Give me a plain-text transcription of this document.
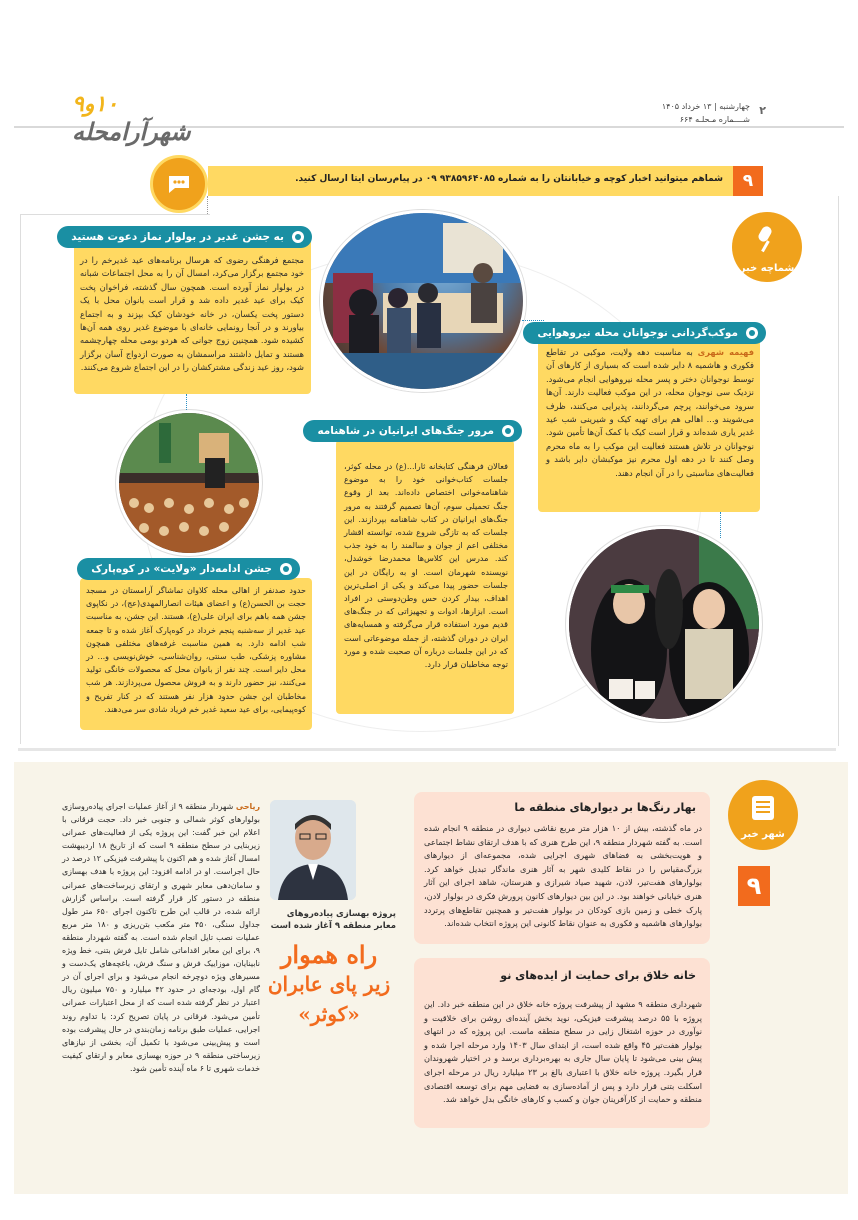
۱۰و۹ شهرآرامحله
چهارشنبه | ۱۳ خرداد ۱۴۰۵
شــــماره مـحلـه ۶۶۴
۲
شماهم میتوانید اخبار کوچه و خیابانتان را به شماره ۹۳۸۵۹۶۴۰۸۵ ۰۹ در پیام‌رسان ایتا ارسال کنید.	۹
شماچه خبر
به جشن غدیر در بولوار نماز دعوت هستید
مجتمع فرهنگی رضوی که هرسال برنامه‌های عید غدیرخم را در خود مجتمع برگزار می‌کرد، امسال آن را به محل اجتماعات شبانه در بولوار نماز آورده است. همچون سال گذشته، فراخوان پخت کیک برای عید غدیر داده شد و قرار است بانوان محل با یک دستور پخت یکسان، در خانه خودشان کیک بپزند و به اجتماع بیاورند و در آنجا رونمایی خانه‌ای با موضوع غدیر روی همه آن‌ها کشیده شود. همچنین زوج جوانی که هردو بومی محله چهارچشمه هستند و تمایل داشتند مراسمشان به صورت ازدواج آسان برگزار شود، روز عید زندگی مشترکشان را در این اجتماع شروع می‌کنند.
موکب‌گردانی نوجوانان محله نیروهوایی
فهیمه شهری به مناسبت دهه ولایت، موکبی در تقاطع فکوری و هاشمیه ۸ دایر شده است که بسیاری از کارهای آن توسط نوجوانان دختر و پسر محله نیروهوایی انجام می‌شود. نزدیک سی نوجوان محله، در این موکب فعالیت دارند. آن‌ها سرود می‌خوانند، پرچم می‌گردانند، پذیرایی می‌کنند، ظرف می‌شویند و... اهالی هم برای تهیه کیک و شیرینی شب عید غدیر یاری شده‌اند و قرار است کیک با کمک آن‌ها تأمین شود. نوجوانان در تلاش هستند فعالیت این موکب را به ماه محرم وصل کنند تا در دهه اول محرم نیز موکبشان دایر باشد و فعالیت‌های مناسبتی را در آن انجام دهند.
مرور جنگ‌های ایرانیان در شاهنامه
فعالان فرهنگی کتابخانه ثارا...(ع) در محله کوثر، جلسات کتاب‌خوانی خود را به موضوع شاهنامه‌خوانی اختصاص داده‌اند. بعد از وقوع جنگ تحمیلی سوم، آن‌ها تصمیم گرفتند به مرور جنگ‌های ایرانیان در کتاب شاهنامه بپردازند. این جلسات که به تازگی شروع شده، توانسته اقشار مختلفی اعم از جوان و سالمند را به خود جذب کند. مدرس این کلاس‌ها محمدرضا خوشدل، نویسنده شهرمان است. او به رایگان در این جلسات حضور پیدا می‌کند و یکی از اصلی‌ترین اهداف، بیدار کردن حس وطن‌دوستی در افراد است. ابزارها، ادوات و تجهیزاتی که در جنگ‌های قدیم مورد استفاده قرار می‌گرفته و همسایه‌های ایران در دوران گذشته، از جمله موضوعاتی است که در این جلسات درباره آن صحبت شده و مورد توجه مخاطبان قرار دارد.
جشن ادامه‌دار «ولایت» در کوه‌پارک
حدود صدنفر از اهالی محله کلاوان تماشاگر آرامستان در مسجد حجت بن الحسن(ع) و اعضای هیئات انصارالمهدی(عج)، در نکاپوی جشن همه باهم برای ایران علی(ع)، هستند. این جشن، به مناسبت عید غدیر از سه‌شنبه پنجم خرداد در کوه‌پارک آغاز شده و تا جمعه شب ادامه دارد. به همین مناسبت غرفه‌های مختلفی همچون مشاوره پزشکی، طب سنتی، روان‌شناسی، خوش‌نویسی و... در محل دایر است. چند نفر از بانوان محل که محصولات خانگی تولید می‌کنند، نیز حضور دارند و به فروش محصول می‌پردازند. هر شب مخاطبان این جشن حدود هزار نفر هستند که در کنار تفریح و کوه‌پیمایی، برای عید سعید غدیر خم فریاد شادی سر می‌دهند.
شهر خبر
۹
بهار رنگ‌ها بر دیوارهای منطقه ما
در ماه گذشته، بیش از ۱۰ هزار متر مربع نقاشی دیواری در منطقه ۹ انجام شده است. به گفته شهردار منطقه ۹، این طرح هنری که با هدف ارتقای نشاط اجتماعی و هویت‌بخشی به فضاهای شهری اجرایی شده، مجموعه‌ای از دیوارهای بزرگ‌مقیاس را در نقاط کلیدی شهر به آثار هنری ماندگار تبدیل خواهد کرد. بولوارهای هفت‌تیر، لادن، شهید صیاد شیرازی و هنرستان، شاهد اجرای این آثار هنری خیابانی خواهند بود. در این بین دیوارهای کانون پرورش فکری در بولوار لادن، پارک خطی و زمین بازی کودکان در بولوار هفت‌تیر و همچنین تقاطع‌های پرتردد بولوارهای هاشمیه و فکوری به عنوان نقاط کانونی این پروژه انتخاب شده‌اند.
خانه خلاق برای حمایت از ایده‌های نو
شهرداری منطقه ۹ مشهد از پیشرفت پروژه خانه خلاق در این منطقه خبر داد. این پروژه با ۵۵ درصد پیشرفت فیزیکی، نوید بخش آینده‌ای روشن برای خلاقیت و نوآوری در حوزه اشتغال زایی در سطح منطقه ماست. این پروژه که در انتهای بولوار هفت‌تیر ۴۵ واقع شده است، از ابتدای سال ۱۴۰۳ وارد مرحله اجرا شده و پیش بینی می‌شود تا پایان سال جاری به بهره‌برداری برسد و در اختیار شهروندان قرار بگیرد. پروژه خانه خلاق با اعتباری بالغ بر ۲۳ میلیارد ریال در مرحله اجرای اسکلت بتنی قرار دارد و پس از آماده‌سازی به فضایی مهم برای توسعه اقتصادی منطقه و حمایت از کارآفرینان جوان و کسب و کارهای خانگی بدل خواهد شد.
پروژه بهسازی پیاده‌روهای معابر منطقه ۹ آغاز شده است
راه هموار
زیر پای عابران
«کوثر»
ریاحی شهردار منطقه ۹ از آغاز عملیات اجرای پیاده‌روسازی بولوارهای کوثر شمالی و جنوبی خبر داد. حجت فرقانی با اعلام این خبر گفت: این پروژه یکی از فعالیت‌های عمرانی زیربنایی در سطح منطقه ۹ است که از تاریخ ۱۸ اردیبهشت امسال آغاز شده و هم اکنون با پیشرفت فیزیکی ۱۲ درصد در حال اجراست. او در ادامه افزود: این پروژه با هدف بهسازی و سامان‌دهی معابر شهری و ارتقای زیرساخت‌های عمرانی منطقه در دستور کار قرار گرفته است. براساس گزارش ارائه شده، در قالب این طرح تاکنون اجرای ۶۵۰ متر طول جداول سنگی، ۴۵۰ متر مکعب بتن‌ریزی و ۱۸۰ متر مربع عملیات نصب تایل انجام شده است. به گفته شهردار منطقه ۹، برای این معابر اقداماتی شامل تایل فرش بتنی، خط ویژه نابینایان، موزاییک فرش و سنگ فرش، باغچه‌های یک‌دست و مسیرهای ویژه دوچرخه انجام می‌شود و برای اجرای آن در گام اول، بودجه‌ای در حدود ۴۲ میلیارد و ۷۵۰ میلیون ریال اعتبار در نظر گرفته شده است که از محل اعتبارات عمرانی تأمین می‌شود. فرقانی در پایان تصریح کرد: با تداوم روند اجرایی، عملیات طبق برنامه زمان‌بندی در حال پیشرفت بوده است و پیش‌بینی می‌شود با تکمیل آن، بخشی از نیازهای زیرساختی منطقه ۹ در حوزه بهسازی معابر و ارتقای کیفیت خدمات شهری تا ۶ ماه آینده تأمین شود.
